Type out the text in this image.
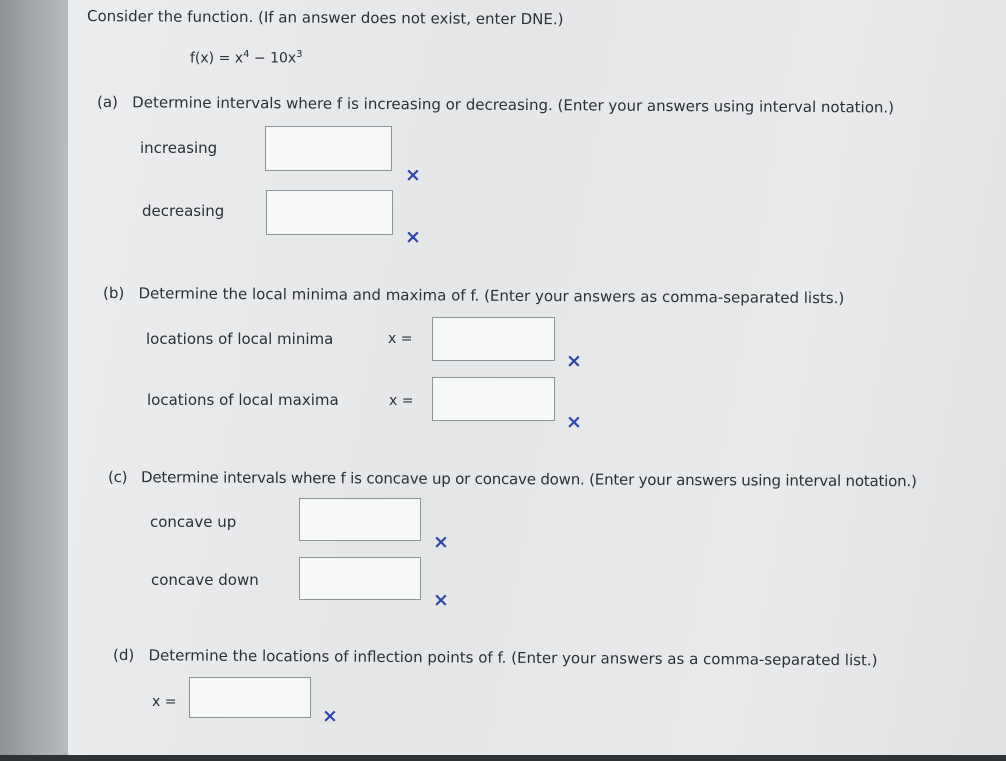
Consider the function. (If an answer does not exist, enter DNE.)
$f(x) = x^4 - 10x^3$
(a) Determine intervals where f is increasing or decreasing. (Enter your answers using interval notation.)
increasing
×
decreasing
×
(b) Determine the local minima and maxima of f. (Enter your answers as comma-separated lists.)
locations of local minima	x =
×
locations of local maxima	x =
×
(c) Determine intervals where f is concave up or concave down. (Enter your answers using interval notation.)
concave up
×
concave down
×
(d) Determine the locations of inflection points of f. (Enter your answers as a comma-separated list.)
x =
×
